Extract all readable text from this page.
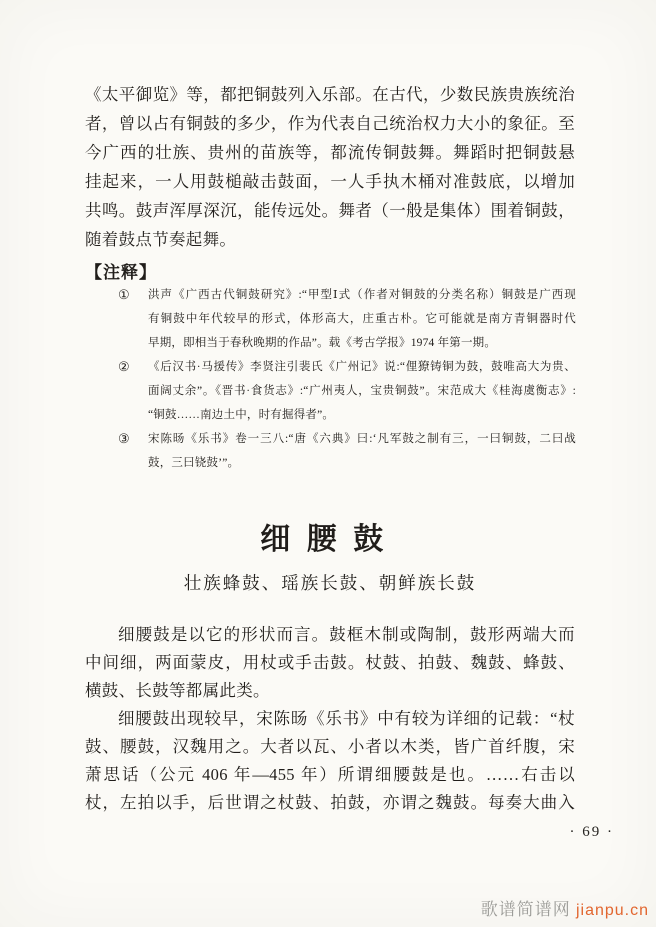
《太平御览》等，都把铜鼓列入乐部。在古代，少数民族贵族统治
者，曾以占有铜鼓的多少，作为代表自己统治权力大小的象征。至
今广西的壮族、贵州的苗族等，都流传铜鼓舞。舞蹈时把铜鼓悬
挂起来，一人用鼓槌敲击鼓面，一人手执木桶对准鼓底，以增加
共鸣。鼓声浑厚深沉，能传远处。舞者（一般是集体）围着铜鼓，
随着鼓点节奏起舞。
【注释】
① 洪声《广西古代铜鼓研究》:“甲型Ⅰ式（作者对铜鼓的分类名称）铜鼓是广西现
有铜鼓中年代较早的形式，体形高大，庄重古朴。它可能就是南方青铜器时代
早期，即相当于春秋晚期的作品”。载《考古学报》1974 年第一期。
② 《后汉书·马援传》李贤注引裴氏《广州记》说:“俚獠铸铜为鼓，鼓唯高大为贵、
面阔丈余”。《晋书·食货志》:“广州夷人，宝贵铜鼓”。宋范成大《桂海虞衡志》:
“铜鼓……南边土中，时有掘得者”。
③ 宋陈旸《乐书》卷一三八:“唐《六典》曰:‘凡军鼓之制有三，一曰铜鼓，二曰战
鼓，三曰铙鼓’”。
细腰鼓
壮族蜂鼓、瑶族长鼓、朝鲜族长鼓
细腰鼓是以它的形状而言。鼓框木制或陶制，鼓形两端大而
中间细，两面蒙皮，用杖或手击鼓。杖鼓、拍鼓、魏鼓、蜂鼓、
横鼓、长鼓等都属此类。
细腰鼓出现较早，宋陈旸《乐书》中有较为详细的记载：“杖
鼓、腰鼓，汉魏用之。大者以瓦、小者以木类，皆广首纤腹，宋
萧思话（公元 406 年—455 年）所谓细腰鼓是也。……右击以
杖，左拍以手，后世谓之杖鼓、拍鼓，亦谓之魏鼓。每奏大曲入
· 69 ·
歌谱简谱网 jianpu.cn
